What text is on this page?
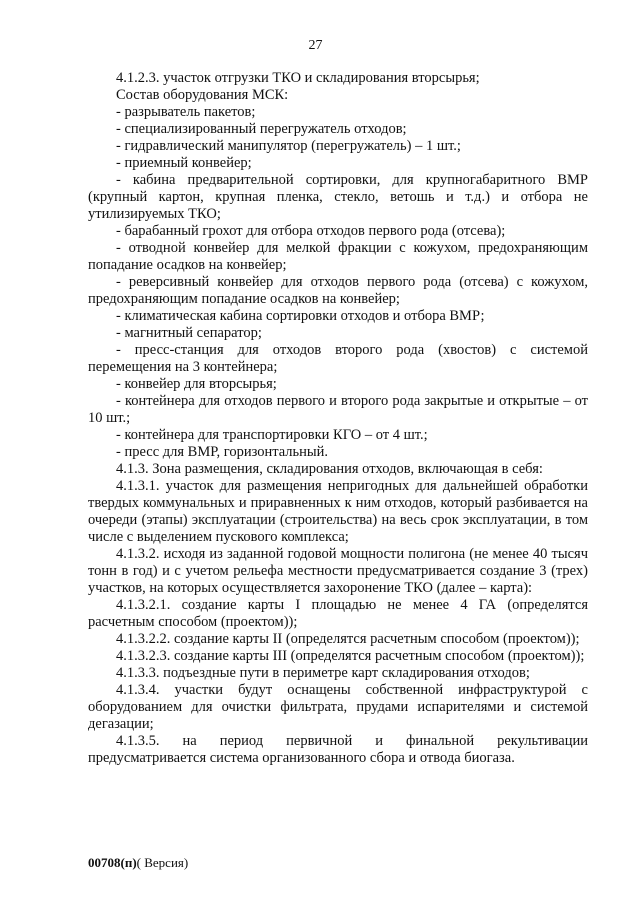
27

4.1.2.3. участок отгрузки ТКО и складирования вторсырья;

Состав оборудования МСК:

- разрыватель пакетов;

- специализированный перегружатель отходов;

- гидравлический манипулятор (перегружатель) – 1 шт.;

- приемный конвейер;

- кабина предварительной сортировки, для крупногабаритного ВМР (крупный картон, крупная пленка, стекло, ветошь и т.д.) и отбора не утилизируемых ТКО;

- барабанный грохот для отбора отходов первого рода (отсева);

- отводной конвейер для мелкой фракции с кожухом, предохраняющим попадание осадков на конвейер;

- реверсивный конвейер для отходов первого рода (отсева) с кожухом, предохраняющим попадание осадков на конвейер;

- климатическая кабина сортировки отходов и отбора ВМР;

- магнитный сепаратор;

- пресс-станция для отходов второго рода (хвостов) с системой перемещения на 3 контейнера;

- конвейер для вторсырья;

- контейнера для отходов первого и второго рода закрытые и открытые – от 10 шт.;

- контейнера для транспортировки КГО – от 4 шт.;

- пресс для ВМР, горизонтальный.

4.1.3. Зона размещения, складирования отходов, включающая в себя:

4.1.3.1. участок для размещения непригодных для дальнейшей обработки твердых коммунальных и приравненных к ним отходов, который разбивается на очереди (этапы) эксплуатации (строительства) на весь срок эксплуатации, в том числе с выделением пускового комплекса;

4.1.3.2. исходя из заданной годовой мощности полигона (не менее 40 тысяч тонн в год) и с учетом рельефа местности предусматривается создание 3 (трех) участков, на которых осуществляется захоронение ТКО (далее – карта):

4.1.3.2.1. создание карты I площадью не менее 4 ГА (определятся расчетным способом (проектом));

4.1.3.2.2. создание карты II (определятся расчетным способом (проектом));

4.1.3.2.3. создание карты III (определятся расчетным способом (проектом));

4.1.3.3. подъездные пути в периметре карт складирования отходов;

4.1.3.4. участки будут оснащены собственной инфраструктурой с оборудованием для очистки фильтрата, прудами испарителями и системой дегазации;

4.1.3.5. на период первичной и финальной рекультивации предусматривается система организованного сбора и отвода биогаза.

00708(п)( Версия)
